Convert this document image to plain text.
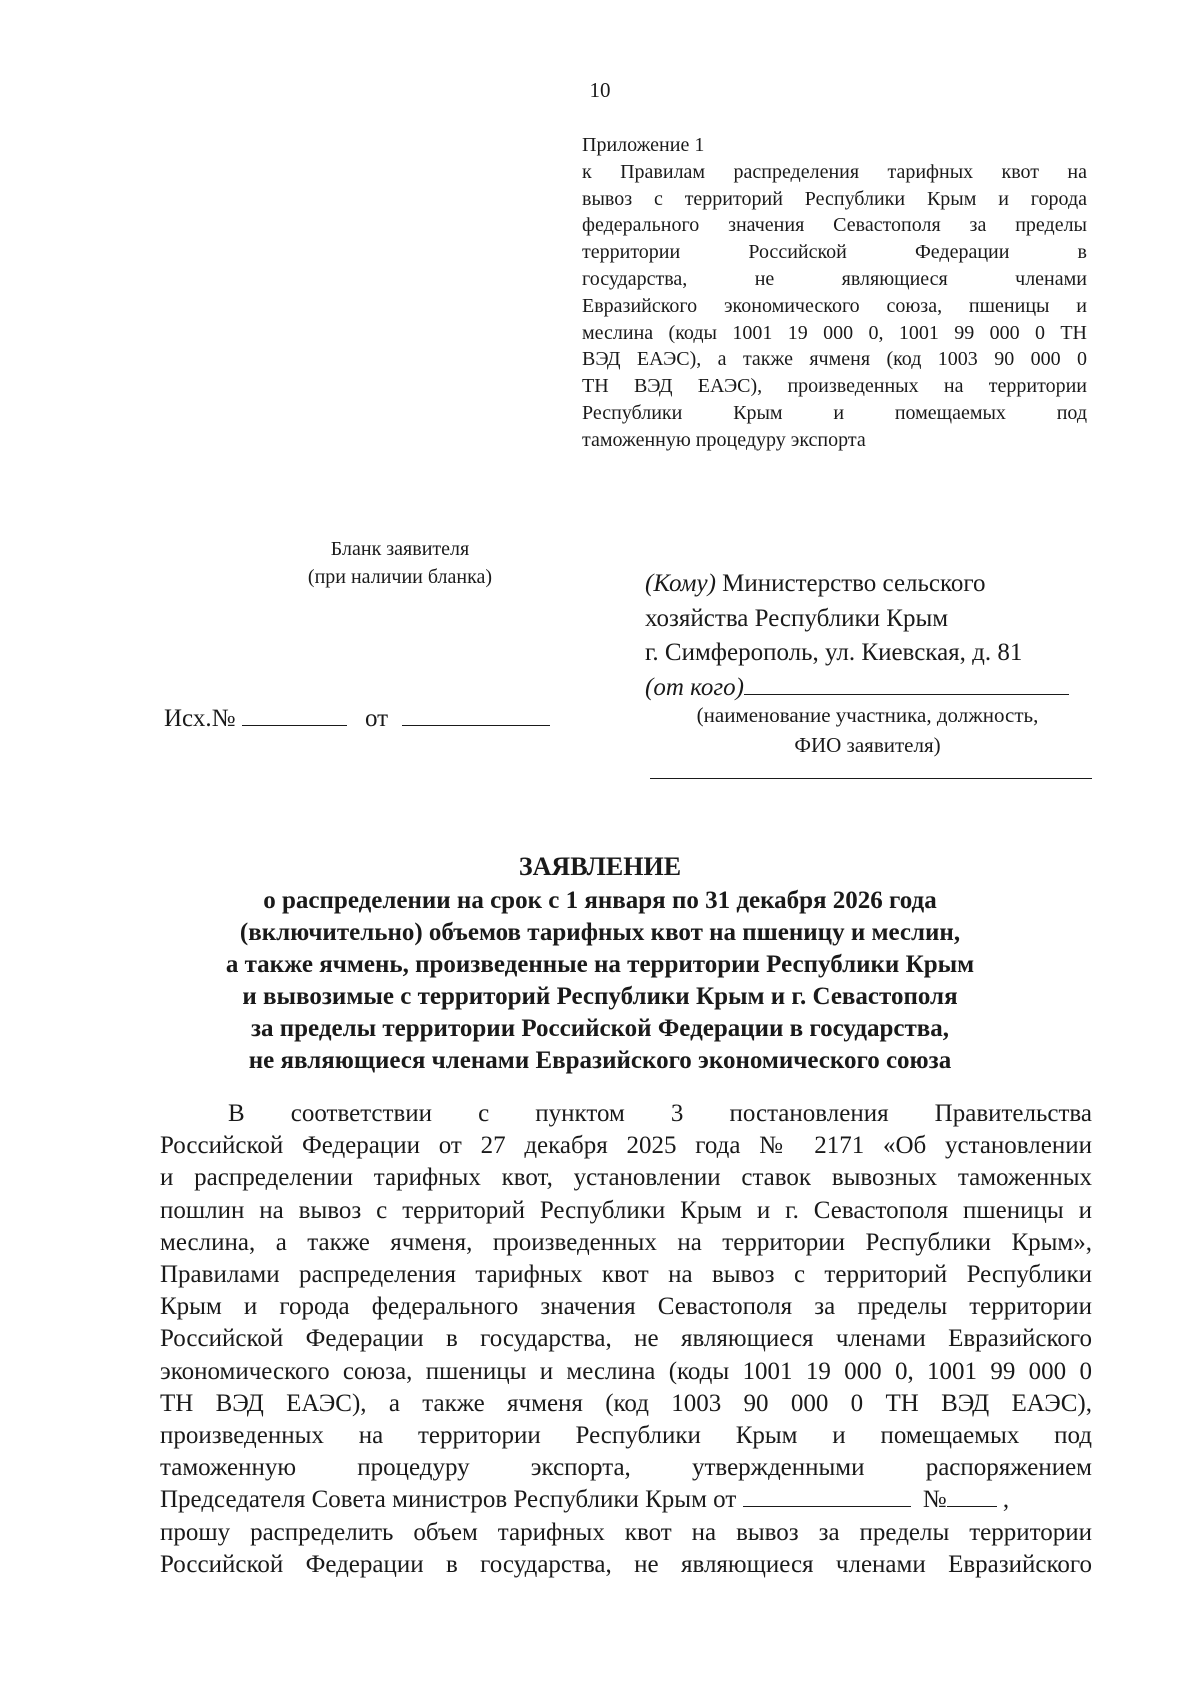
10
Приложение 1
к Правилам распределения тарифных квот на
вывоз с территорий Республики Крым и города
федерального значения Севастополя за пределы
территории Российской Федерации в
государства, не являющиеся членами
Евразийского экономического союза, пшеницы и
меслина (коды 1001 19 000 0, 1001 99 000 0 ТН
ВЭД ЕАЭС), а также ячменя (код 1003 90 000 0
ТН ВЭД ЕАЭС), произведенных на территории
Республики Крым и помещаемых под
таможенную процедуру экспорта
Бланк заявителя
(при наличии бланка)	(Кому) Министерство сельского
хозяйства Республики Крым
г. Симферополь, ул. Киевская, д. 81
(от кого)
(наименование участника, должность,
ФИО заявителя)
Исх.№	от
ЗАЯВЛЕНИЕ
о распределении на срок с 1 января по 31 декабря 2026 года
(включительно) объемов тарифных квот на пшеницу и меслин,
а также ячмень, произведенные на территории Республики Крым
и вывозимые с территорий Республики Крым и г. Севастополя
за пределы территории Российской Федерации в государства,
не являющиеся членами Евразийского экономического союза
В соответствии с пунктом 3 постановления Правительства
Российской Федерации от 27 декабря 2025 года № 2171 «Об установлении
и распределении тарифных квот, установлении ставок вывозных таможенных
пошлин на вывоз с территорий Республики Крым и г. Севастополя пшеницы и
меслина, а также ячменя, произведенных на территории Республики Крым»,
Правилами распределения тарифных квот на вывоз с территорий Республики
Крым и города федерального значения Севастополя за пределы территории
Российской Федерации в государства, не являющиеся членами Евразийского
экономического союза, пшеницы и меслина (коды 1001 19 000 0, 1001 99 000 0
ТН ВЭД ЕАЭС), а также ячменя (код 1003 90 000 0 ТН ВЭД ЕАЭС),
произведенных на территории Республики Крым и помещаемых под
таможенную процедуру экспорта, утвержденными распоряжением
Председателя Совета министров Республики Крым от	№ ,
прошу распределить объем тарифных квот на вывоз за пределы территории
Российской Федерации в государства, не являющиеся членами Евразийского
